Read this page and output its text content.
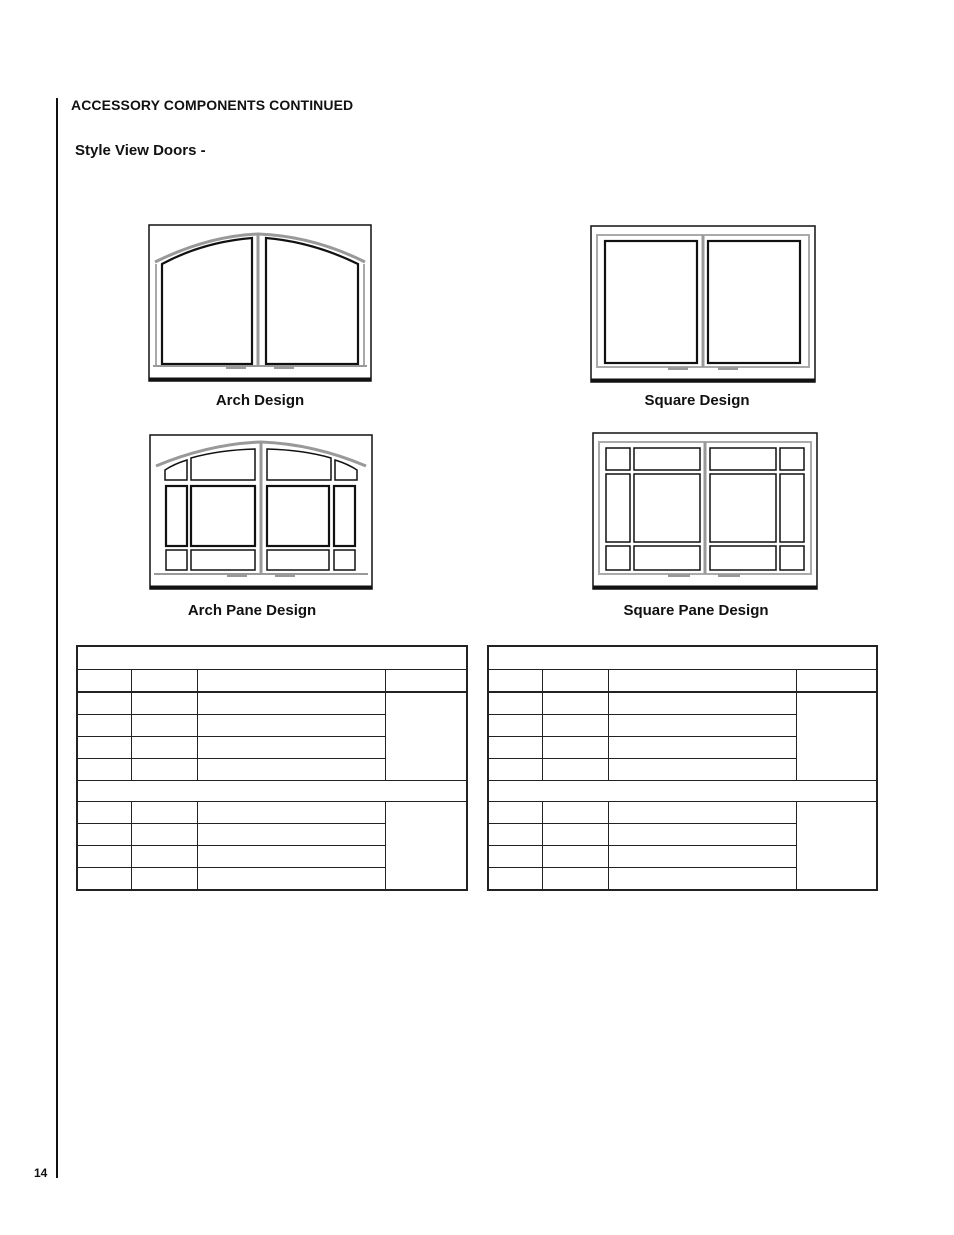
14
ACCESSORY COMPONENTS CONTINUED
Style View Doors -
Arch Design	Square Design
Arch Pane Design	Square Pane Design
